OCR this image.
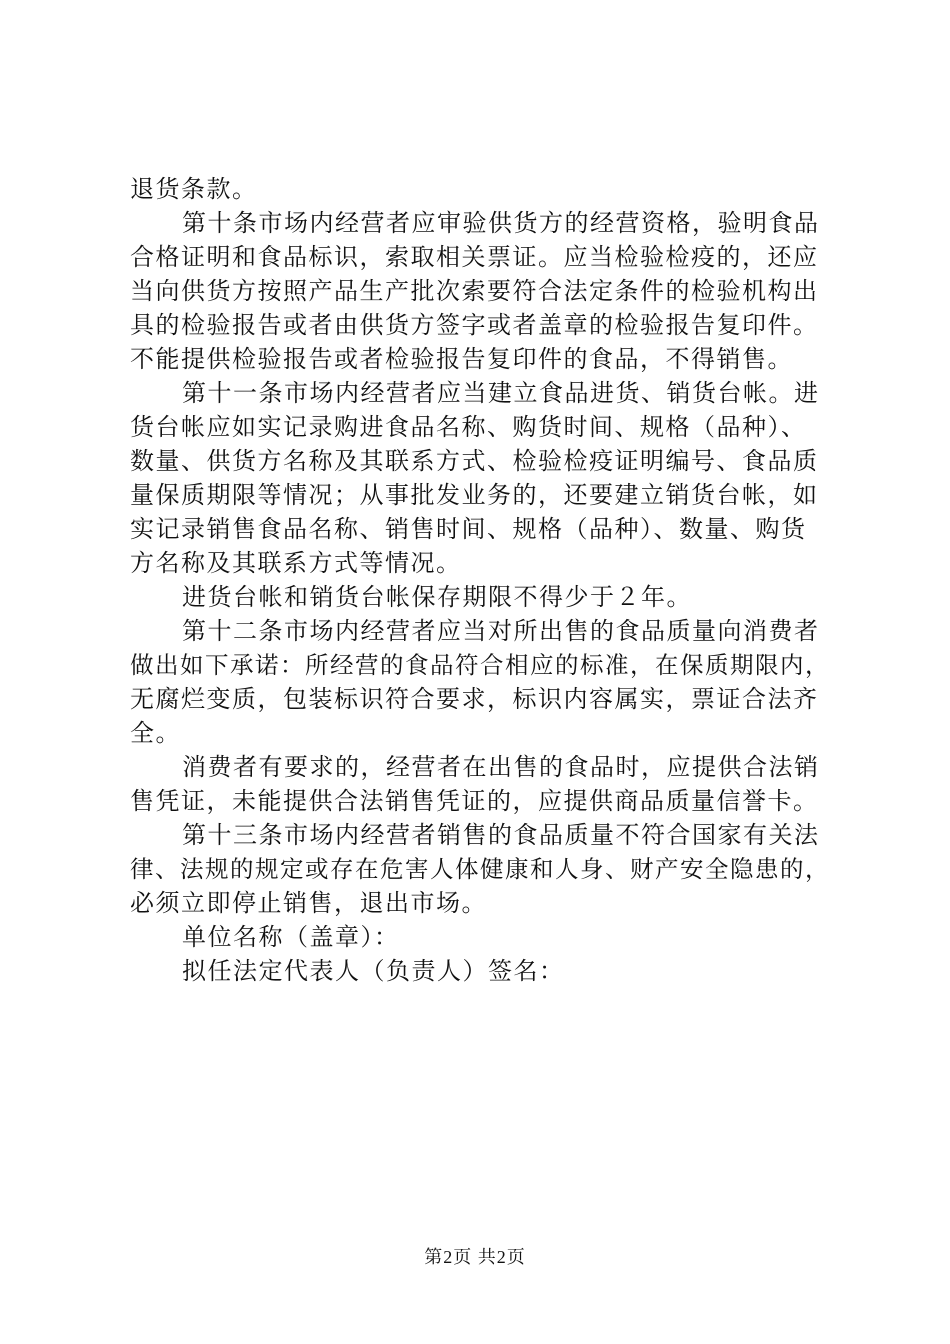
退货条款。
第十条市场内经营者应审验供货方的经营资格，验明食品
合格证明和食品标识，索取相关票证。应当检验检疫的，还应
当向供货方按照产品生产批次索要符合法定条件的检验机构出
具的检验报告或者由供货方签字或者盖章的检验报告复印件。
不能提供检验报告或者检验报告复印件的食品，不得销售。
第十一条市场内经营者应当建立食品进货、销货台帐。进
货台帐应如实记录购进食品名称、购货时间、规格（品种）、
数量、供货方名称及其联系方式、检验检疫证明编号、食品质
量保质期限等情况；从事批发业务的，还要建立销货台帐，如
实记录销售食品名称、销售时间、规格（品种）、数量、购货
方名称及其联系方式等情况。
进货台帐和销货台帐保存期限不得少于２年。
第十二条市场内经营者应当对所出售的食品质量向消费者
做出如下承诺：所经营的食品符合相应的标准，在保质期限内，
无腐烂变质，包装标识符合要求，标识内容属实，票证合法齐
全。
消费者有要求的，经营者在出售的食品时，应提供合法销
售凭证，未能提供合法销售凭证的，应提供商品质量信誉卡。
第十三条市场内经营者销售的食品质量不符合国家有关法
律、法规的规定或存在危害人体健康和人身、财产安全隐患的，
必须立即停止销售，退出市场。
单位名称（盖章）：
拟任法定代表人（负责人）签名：
第2页 共2页
